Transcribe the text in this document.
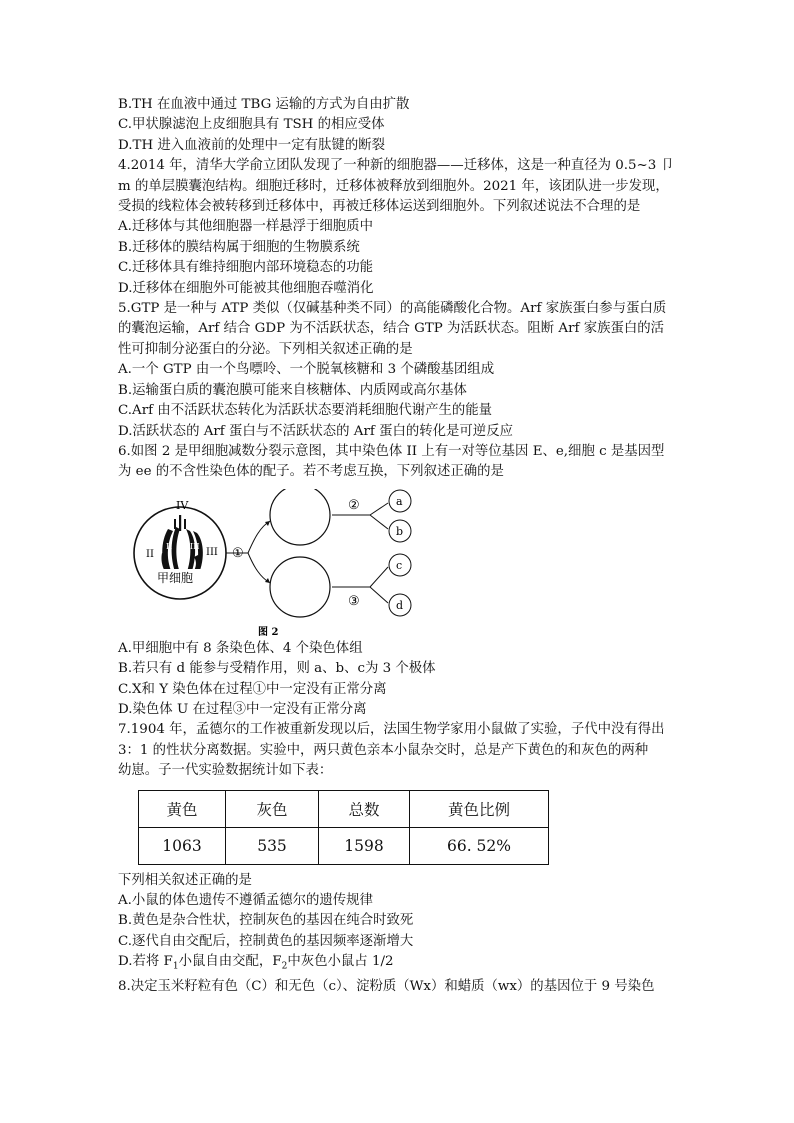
B.TH 在血液中通过 TBG 运输的方式为自由扩散
C.甲状腺滤泡上皮细胞具有 TSH 的相应受体
D.TH 进入血液前的处理中一定有肽键的断裂
4.2014 年，清华大学俞立团队发现了一种新的细胞器——迁移体，这是一种直径为 0.5~3 卩
m 的单层膜囊泡结构。细胞迁移时，迁移体被释放到细胞外。2021 年，该团队进一步发现，
受损的线粒体会被转移到迁移体中，再被迁移体运送到细胞外。下列叙述说法不合理的是
A.迁移体与其他细胞器一样悬浮于细胞质中
B.迁移体的膜结构属于细胞的生物膜系统
C.迁移体具有维持细胞内部环境稳态的功能
D.迁移体在细胞外可能被其他细胞吞噬消化
5.GTP 是一种与 ATP 类似（仅碱基种类不同）的高能磷酸化合物。Arf 家族蛋白参与蛋白质
的囊泡运输，Arf 结合 GDP 为不活跃状态，结合 GTP 为活跃状态。阻断 Arf 家族蛋白的活
性可抑制分泌蛋白的分泌。下列相关叙述正确的是
A.一个 GTP 由一个鸟嘌呤、一个脱氧核糖和 3 个磷酸基团组成
B.运输蛋白质的囊泡膜可能来自核糖体、内质网或高尔基体
C.Arf 由不活跃状态转化为活跃状态要消耗细胞代谢产生的能量
D.活跃状态的 Arf 蛋白与不活跃状态的 Arf 蛋白的转化是可逆反应
6.如图 2 是甲细胞减数分裂示意图，其中染色体 II 上有一对等位基因 E、e,细胞 c 是基因型
为 ee 的不含性染色体的配子。若不考虑互换，下列叙述正确的是
IV
II	III
II III
甲细胞
①
②
③
a
b
c
d
图 2
A.甲细胞中有 8 条染色体、4 个染色体组
B.若只有 d 能参与受精作用，则 a、b、c为 3 个极体
C.X和 Y 染色体在过程①中一定没有正常分离
D.染色体 U 在过程③中一定没有正常分离
7.1904 年，孟德尔的工作被重新发现以后，法国生物学家用小鼠做了实验，子代中没有得出
3：1 的性状分离数据。实验中，两只黄色亲本小鼠杂交时，总是产下黄色的和灰色的两种
幼崽。子一代实验数据统计如下表：
黄色	灰色	总数	黄色比例
1063	535	1598	66. 52%
下列相关叙述正确的是
A.小鼠的体色遗传不遵循孟德尔的遗传规律
B.黄色是杂合性状，控制灰色的基因在纯合时致死
C.逐代自由交配后，控制黄色的基因频率逐渐增大
D.若将 $F_1$小鼠自由交配，$F_2$中灰色小鼠占 1/2
8.决定玉米籽粒有色（C）和无色（c）、淀粉质（Wx）和蜡质（wx）的基因位于 9 号染色
